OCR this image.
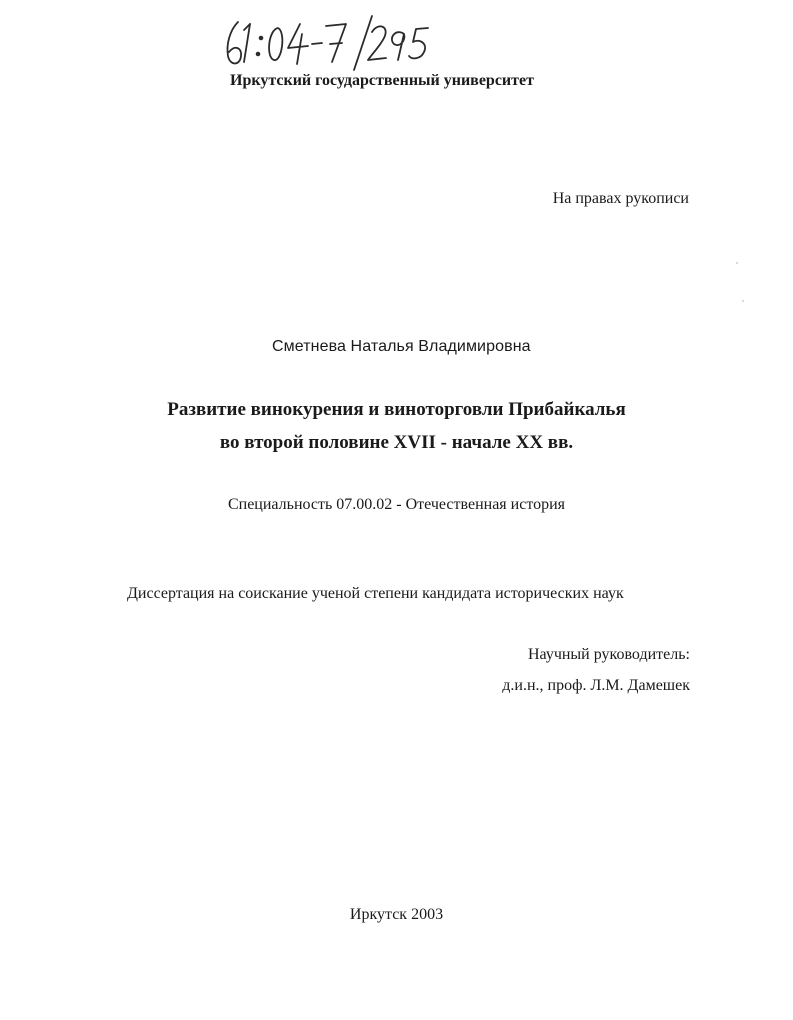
Иркутский государственный университет
На правах рукописи
Сметнева Наталья Владимировна
Развитие винокурения и виноторговли Прибайкалья
во второй половине XVII - начале XX вв.
Специальность 07.00.02 - Отечественная история
Диссертация на соискание ученой степени кандидата исторических наук
Научный руководитель:
д.и.н., проф. Л.М. Дамешек
Иркутск 2003
